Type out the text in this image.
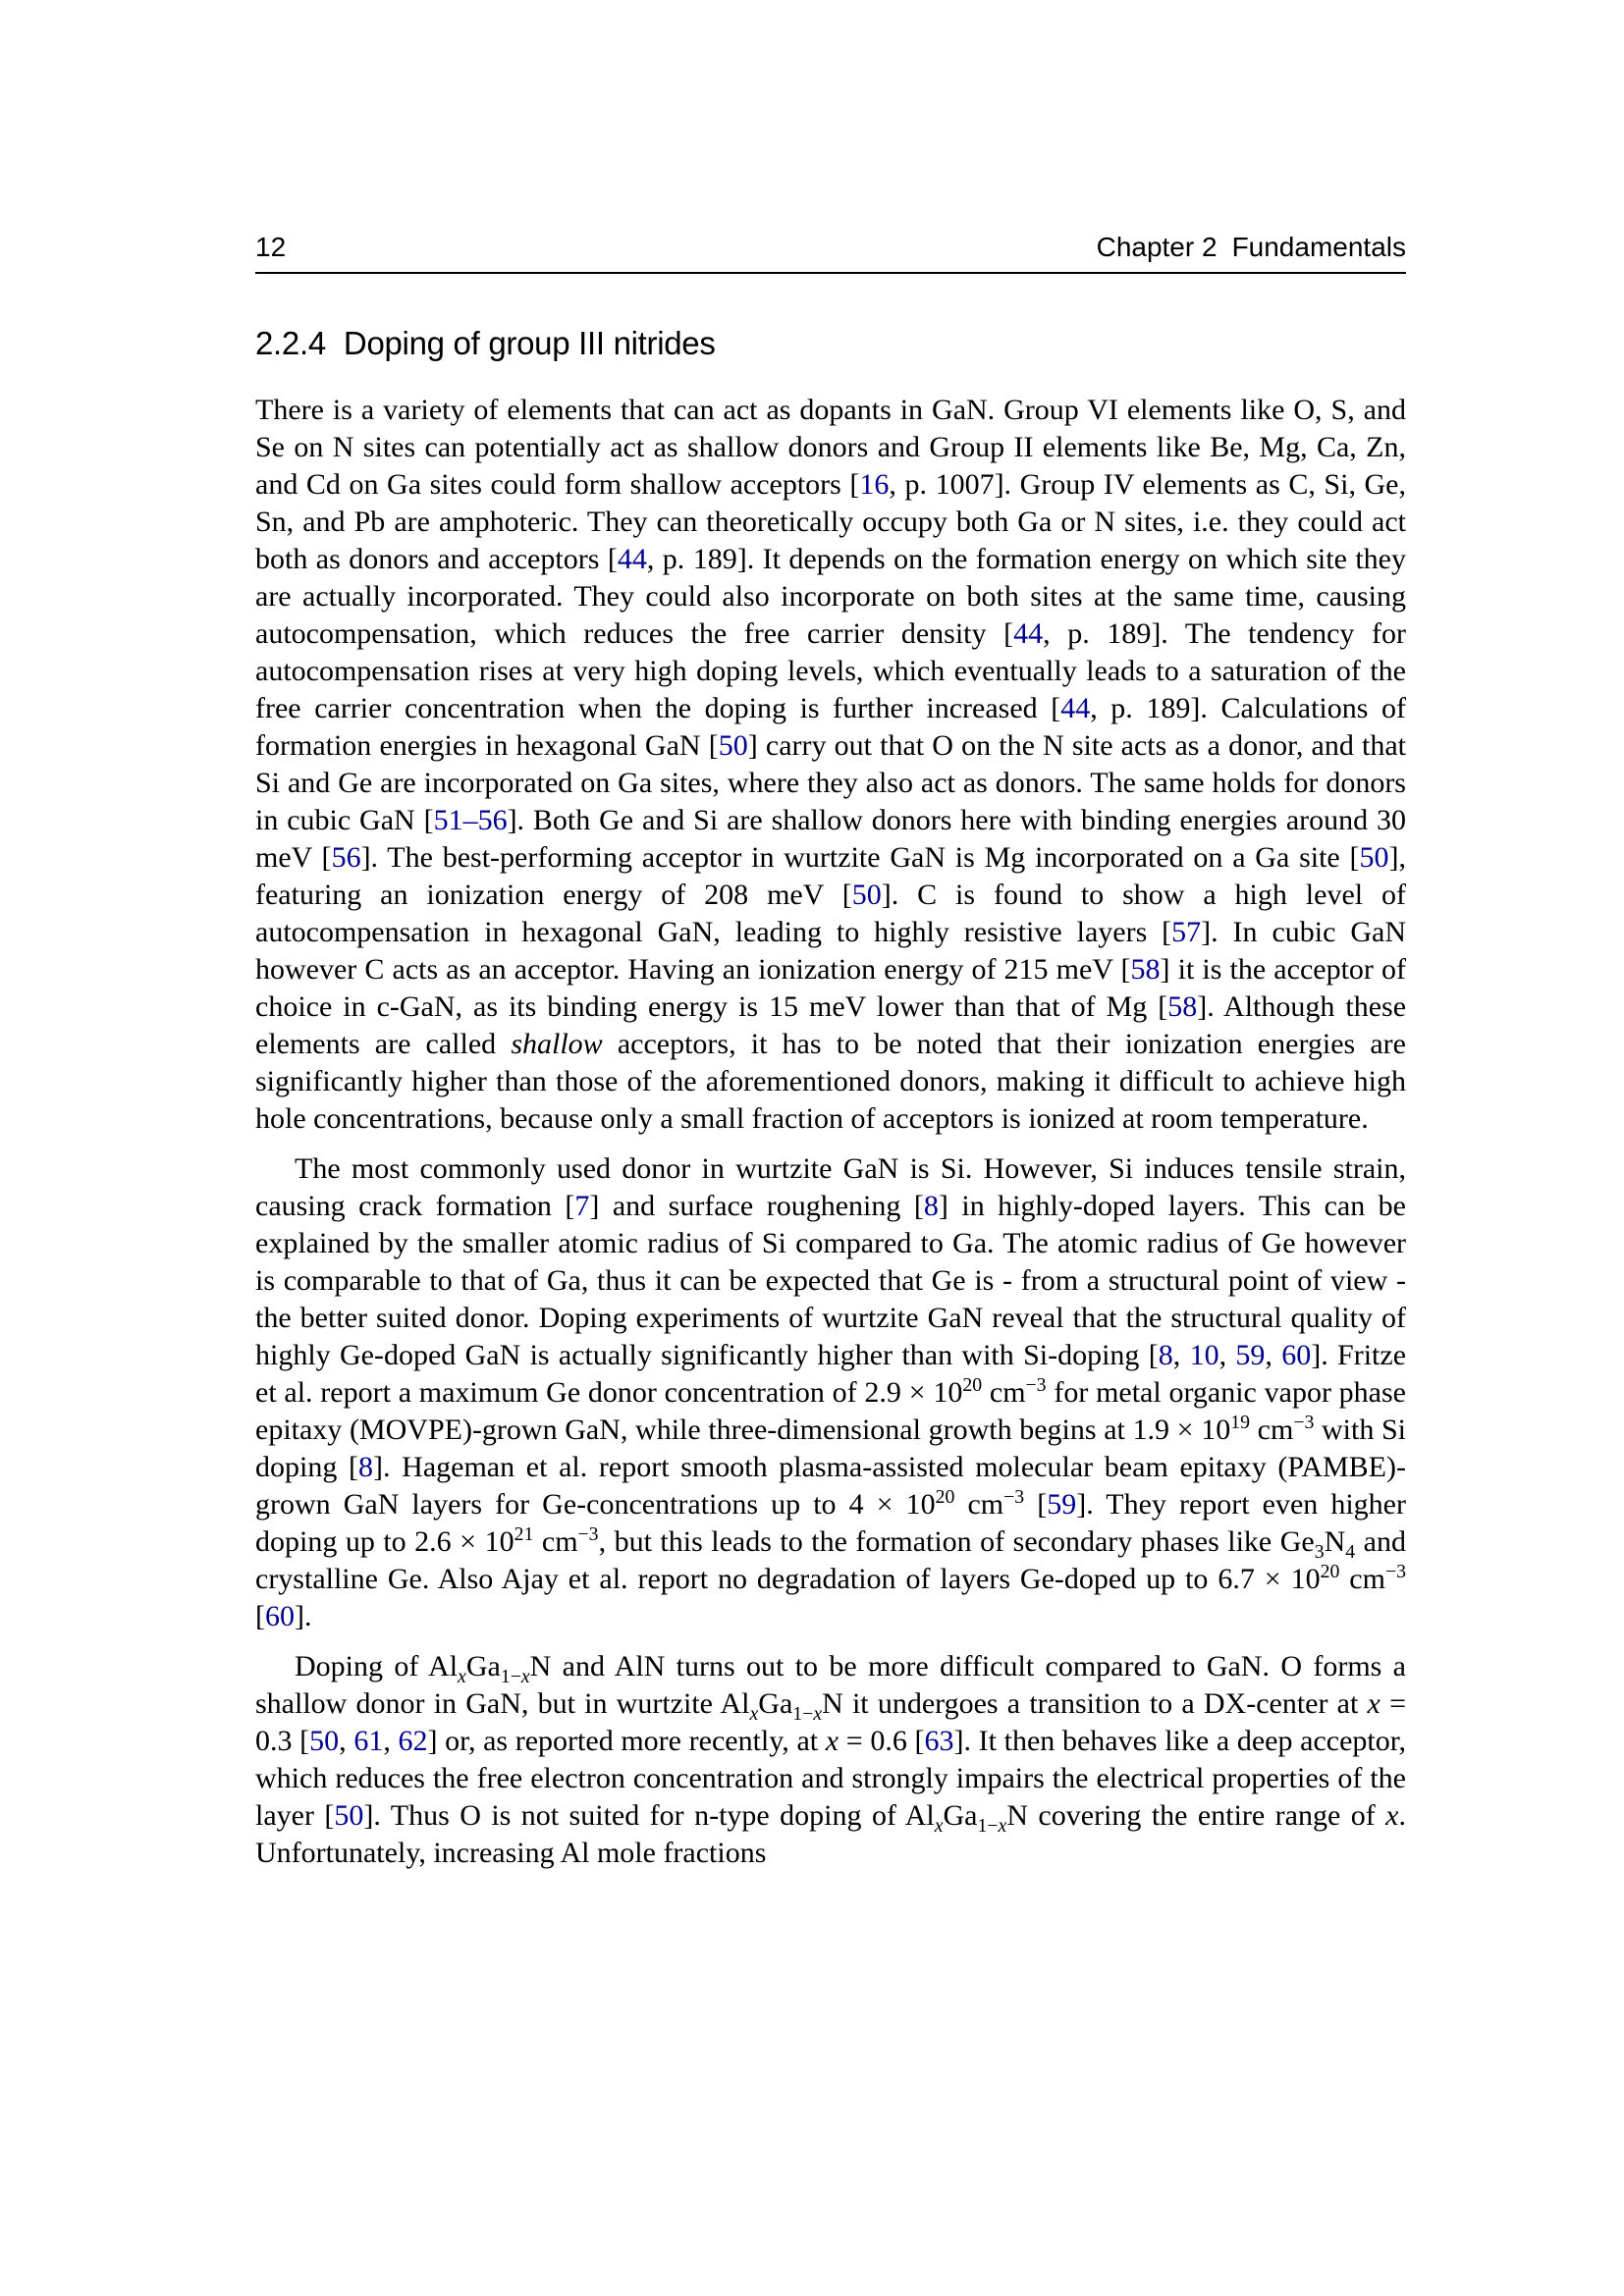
12	Chapter 2 Fundamentals
2.2.4 Doping of group III nitrides

There is a variety of elements that can act as dopants in GaN. Group VI elements like O, S, and Se on N sites can potentially act as shallow donors and Group II elements like Be, Mg, Ca, Zn, and Cd on Ga sites could form shallow acceptors [16, p. 1007]. Group IV elements as C, Si, Ge, Sn, and Pb are amphoteric. They can theoretically occupy both Ga or N sites, i.e. they could act both as donors and acceptors [44, p. 189]. It depends on the formation energy on which site they are actually incorporated. They could also incorporate on both sites at the same time, causing autocompensation, which reduces the free carrier density [44, p. 189]. The tendency for autocompensation rises at very high doping levels, which eventually leads to a saturation of the free carrier concentration when the doping is further increased [44, p. 189]. Calculations of formation energies in hexagonal GaN [50] carry out that O on the N site acts as a donor, and that Si and Ge are incorporated on Ga sites, where they also act as donors. The same holds for donors in cubic GaN [51–56]. Both Ge and Si are shallow donors here with binding energies around 30 meV [56]. The best-performing acceptor in wurtzite GaN is Mg incorporated on a Ga site [50], featuring an ionization energy of 208 meV [50]. C is found to show a high level of autocompensation in hexagonal GaN, leading to highly resistive layers [57]. In cubic GaN however C acts as an acceptor. Having an ionization energy of 215 meV [58] it is the acceptor of choice in c-GaN, as its binding energy is 15 meV lower than that of Mg [58]. Although these elements are called shallow acceptors, it has to be noted that their ionization energies are significantly higher than those of the aforementioned donors, making it difficult to achieve high hole concentrations, because only a small fraction of acceptors is ionized at room temperature.

The most commonly used donor in wurtzite GaN is Si. However, Si induces tensile strain, causing crack formation [7] and surface roughening [8] in highly-doped layers. This can be explained by the smaller atomic radius of Si compared to Ga. The atomic radius of Ge however is comparable to that of Ga, thus it can be expected that Ge is - from a structural point of view - the better suited donor. Doping experiments of wurtzite GaN reveal that the structural quality of highly Ge-doped GaN is actually significantly higher than with Si-doping [8, 10, 59, 60]. Fritze et al. report a maximum Ge donor concentration of $2.9 \times 10^{20}$ $cm^{-3}$ for metal organic vapor phase epitaxy (MOVPE)-grown GaN, while three-dimensional growth begins at $1.9 \times 10^{19}$ $cm^{-3}$ with Si doping [8]. Hageman et al. report smooth plasma-assisted molecular beam epitaxy (PAMBE)-grown GaN layers for Ge-concentrations up to $4 \times 10^{20}$ $cm^{-3}$ [59]. They report even higher doping up to $2.6 \times 10^{21}$ $cm^{-3}$, but this leads to the formation of secondary phases like $Ge_3N_4$ and crystalline Ge. Also Ajay et al. report no degradation of layers Ge-doped up to $6.7 \times 10^{20}$ $cm^{-3}$ [60].

Doping of $Al_xGa_{1-x}N$ and AlN turns out to be more difficult compared to GaN. O forms a shallow donor in GaN, but in wurtzite $Al_xGa_{1-x}N$ it undergoes a transition to a DX-center at x = 0.3 [50, 61, 62] or, as reported more recently, at x = 0.6 [63]. It then behaves like a deep acceptor, which reduces the free electron concentration and strongly impairs the electrical properties of the layer [50]. Thus O is not suited for n-type doping of $Al_xGa_{1-x}N$ covering the entire range of x. Unfortunately, increasing Al mole fractions
